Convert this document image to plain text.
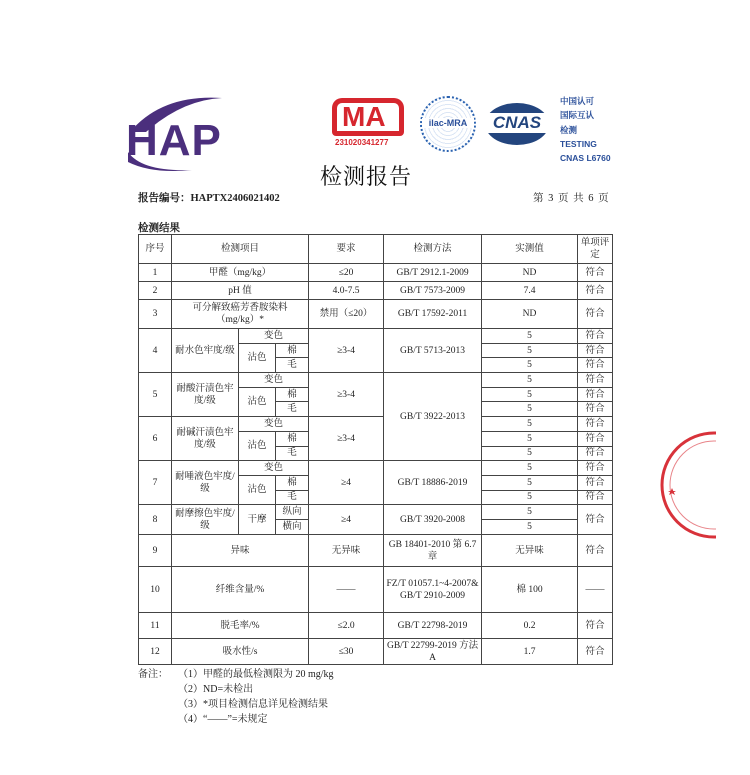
HAP	MA
231020341277
ilac-MRA	CNAS
中国认可
国际互认
检测
TESTING
CNAS L6760
检测报告
报告编号：HAPTX2406021402	第 3 页 共 6 页
检测结果
序号	检测项目			要求	检测方法	实测值	单项评定
1	甲醛（mg/kg）			≤20	GB/T 2912.1-2009	ND	符合
2	pH 值			4.0-7.5	GB/T 7573-2009	7.4	符合
3	可分解致癌芳香胺染料（mg/kg）*			禁用（≤20）	GB/T 17592-2011	ND	符合
4	耐水色牢度/级	变色		≥3-4	GB/T 5713-2013	5	符合
		沾色	棉			5	符合
			毛			5	符合
5	耐酸汗渍色牢度/级	变色		≥3-4	GB/T 3922-2013	5	符合
		沾色	棉			5	符合
			毛			5	符合
6	耐碱汗渍色牢度/级	变色		≥3-4		5	符合
		沾色	棉			5	符合
			毛			5	符合
7	耐唾液色牢度/级	变色		≥4	GB/T 18886-2019	5	符合
		沾色	棉			5	符合
			毛			5	符合
8	耐摩擦色牢度/级	干摩	纵向	≥4	GB/T 3920-2008	5	符合
			横向			5	
9	异味			无异味	GB 18401-2010 第 6.7 章	无异味	符合
10	纤维含量/%			——	FZ/T 01057.1~4-2007& GB/T 2910-2009	棉 100	——
11	脱毛率/%			≤2.0	GB/T 22798-2019	0.2	符合
12	吸水性/s			≤30	GB/T 22799-2019 方法 A	1.7	符合
备注： （1）甲醛的最低检测限为 20 mg/kg
（2）ND=未检出
（3）*项目检测信息详见检测结果
（4）“——”=未规定
